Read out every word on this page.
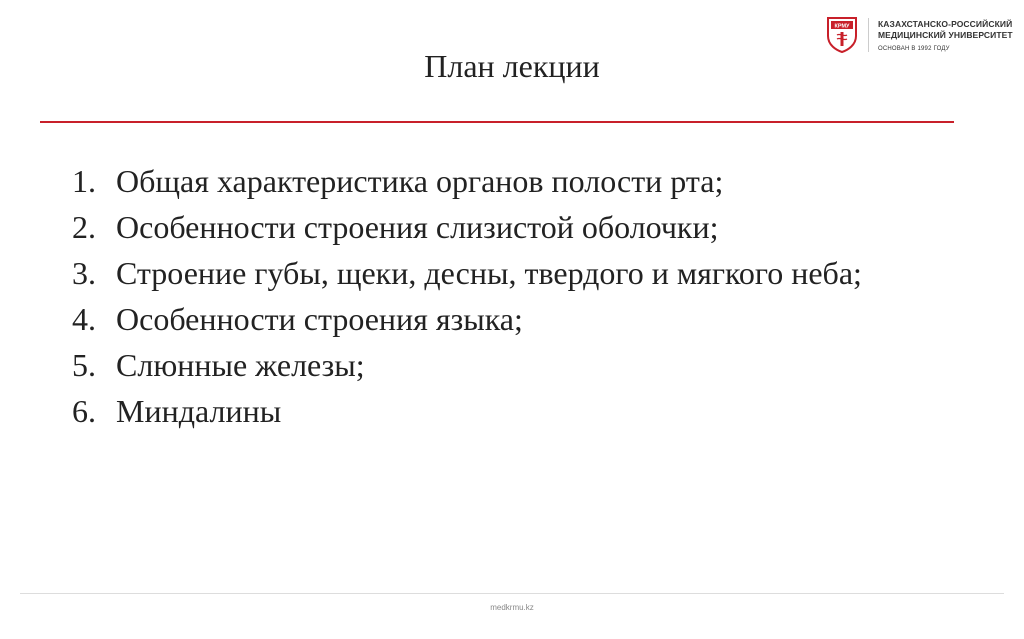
КРМУ	КАЗАХСТАНСКО-РОССИЙСКИЙ
МЕДИЦИНСКИЙ УНИВЕРСИТЕТ
ОСНОВАН В 1992 ГОДУ
План лекции
1. Общая характеристика органов полости рта;
2. Особенности строения слизистой оболочки;
3. Строение губы, щеки, десны, твердого и мягкого неба;
4. Особенности строения языка;
5. Слюнные железы;
6. Миндалины
medkrmu.kz
